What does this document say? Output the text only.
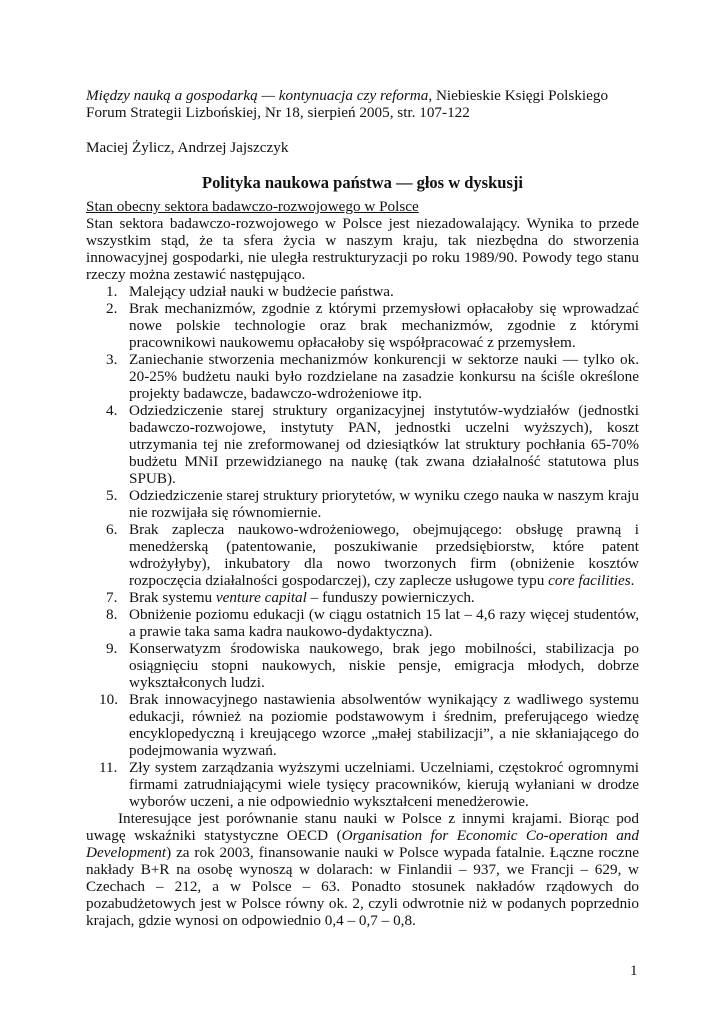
Między nauką a gospodarką — kontynuacja czy reforma, Niebieskie Księgi Polskiego Forum Strategii Lizbońskiej, Nr 18, sierpień 2005, str. 107-122

Maciej Żylicz, Andrzej Jajszczyk

Polityka naukowa państwa — głos w dyskusji

Stan obecny sektora badawczo-rozwojowego w Polsce

Stan sektora badawczo-rozwojowego w Polsce jest niezadowalający. Wynika to przede wszystkim stąd, że ta sfera życia w naszym kraju, tak niezbędna do stworzenia innowacyjnej gospodarki, nie uległa restrukturyzacji po roku 1989/90. Powody tego stanu rzeczy można zestawić następująco.

1. Malejący udział nauki w budżecie państwa.
2. Brak mechanizmów, zgodnie z którymi przemysłowi opłacałoby się wprowadzać nowe polskie technologie oraz brak mechanizmów, zgodnie z którymi pracownikowi naukowemu opłacałoby się współpracować z przemysłem.
3. Zaniechanie stworzenia mechanizmów konkurencji w sektorze nauki — tylko ok. 20-25% budżetu nauki było rozdzielane na zasadzie konkursu na ściśle określone projekty badawcze, badawczo-wdrożeniowe itp.
4. Odziedziczenie starej struktury organizacyjnej instytutów-wydziałów (jednostki badawczo-rozwojowe, instytuty PAN, jednostki uczelni wyższych), koszt utrzymania tej nie zreformowanej od dziesiątków lat struktury pochłania 65-70% budżetu MNiI przewidzianego na naukę (tak zwana działalność statutowa plus SPUB).
5. Odziedziczenie starej struktury priorytetów, w wyniku czego nauka w naszym kraju nie rozwijała się równomiernie.
6. Brak zaplecza naukowo-wdrożeniowego, obejmującego: obsługę prawną i menedżerską (patentowanie, poszukiwanie przedsiębiorstw, które patent wdrożyłyby), inkubatory dla nowo tworzonych firm (obniżenie kosztów rozpoczęcia działalności gospodarczej), czy zaplecze usługowe typu core facilities.
7. Brak systemu venture capital – funduszy powierniczych.
8. Obniżenie poziomu edukacji (w ciągu ostatnich 15 lat – 4,6 razy więcej studentów, a prawie taka sama kadra naukowo-dydaktyczna).
9. Konserwatyzm środowiska naukowego, brak jego mobilności, stabilizacja po osiągnięciu stopni naukowych, niskie pensje, emigracja młodych, dobrze wykształconych ludzi.
10. Brak innowacyjnego nastawienia absolwentów wynikający z wadliwego systemu edukacji, również na poziomie podstawowym i średnim, preferującego wiedzę encyklopedyczną i kreującego wzorce „małej stabilizacji”, a nie skłaniającego do podejmowania wyzwań.
11. Zły system zarządzania wyższymi uczelniami. Uczelniami, częstokroć ogromnymi firmami zatrudniającymi wiele tysięcy pracowników, kierują wyłaniani w drodze wyborów uczeni, a nie odpowiednio wykształceni menedżerowie.

Interesujące jest porównanie stanu nauki w Polsce z innymi krajami. Biorąc pod uwagę wskaźniki statystyczne OECD (Organisation for Economic Co-operation and Development) za rok 2003, finansowanie nauki w Polsce wypada fatalnie. Łączne roczne nakłady B+R na osobę wynoszą w dolarach: w Finlandii – 937, we Francji – 629, w Czechach – 212, a w Polsce – 63. Ponadto stosunek nakładów rządowych do pozabudżetowych jest w Polsce równy ok. 2, czyli odwrotnie niż w podanych poprzednio krajach, gdzie wynosi on odpowiednio 0,4 – 0,7 – 0,8.

1
